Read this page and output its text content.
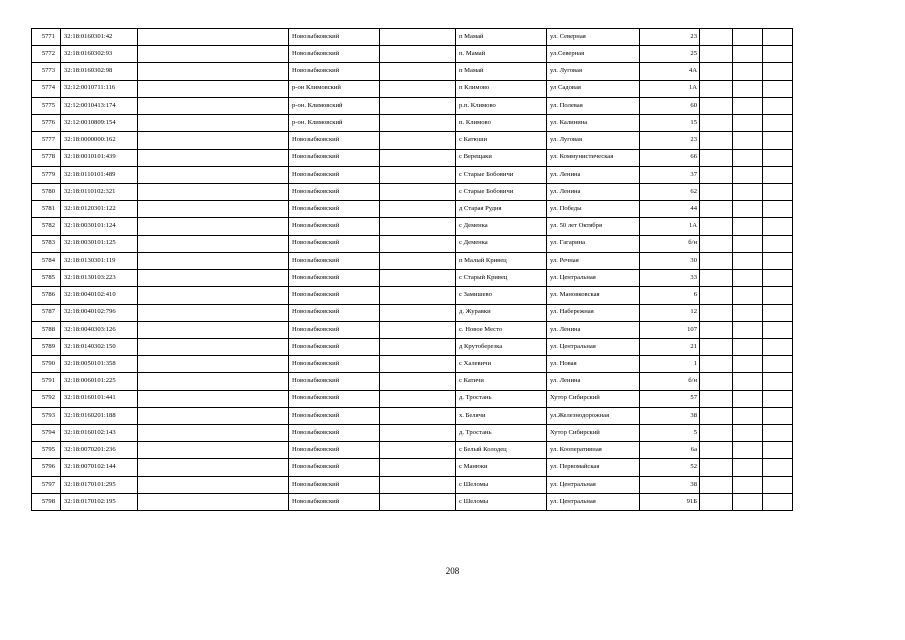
5771	32:18:0160301:42		Новозыбковский		п Мамай	ул. Северная	23			
5772	32:18:0160302:93		Новозыбковский		п. Мамай	ул.Северная	25			
5773	32:18:0160302:98		Новозыбковский		п Мамай	ул. Луговая	4А			
5774	32:12:0010711:116		р-он Климовский		п Климово	ул Садовая	1А			
5775	32:12:0010413:174		р-он. Климовский		р.п. Климово	ул. Полевая	60			
5776	32:12:0010809:154		р-он. Климовский		п. Климово	ул. Калинина	15			
5777	32:18:0000000:162		Новозыбковский		с Катюши	ул. Луговая	23			
5778	32:18:0010101:439		Новозыбковский		с Верещаки	ул. Коммунистическая	66			
5779	32:18:0110101:489		Новозыбковский		с Старые Бобовичи	ул. Ленина	37			
5780	32:18:0110102:321		Новозыбковский		с Старые Бобовичи	ул. Ленина	62			
5781	32:18:0120301:122		Новозыбковский		д Старая Рудня	ул. Победы	44			
5782	32:18:0030101:124		Новозыбковский		с Деменка	ул. 50 лет Октября	1А			
5783	32:18:0030101:125		Новозыбковский		с Деменка	ул. Гагарина	б/н			
5784	32:18:0130301:119		Новозыбковский		п Малый Кривец	ул. Речная	30			
5785	32:18:0130103:223		Новозыбковский		с Старый Кривец	ул. Центральная	33			
5786	32:18:0040102:410		Новозыбковский		с Замишево	ул. Мановковская	6			
5787	32:18:0040102:796		Новозыбковский		д. Журавки	ул. Набережная	12			
5788	32:18:0040303:126		Новозыбковский		с. Новое Место	ул. Ленина	107			
5789	32:18:0140302:150		Новозыбковский		д Крутоберезка	ул. Центральная	21			
5790	32:18:0050101:358		Новозыбковский		с Халевичи	ул. Новая	1			
5791	32:18:0060101:225		Новозыбковский		с Катичи	ул. Ленина	б/н			
5792	32:18:0160101:441		Новозыбковский		д. Тростань	Хутор Сибирский	57			
5793	32:18:0160201:188		Новозыбковский		х. Белячи	ул.Железнодорожная	38			
5794	32:18:0160102:143		Новозыбковский		д. Тростань	Хутор Сибирский	5			
5795	32:18:0070201:236		Новозыбковский		с Белый Колодец	ул. Кооперативная	6а			
5796	32:18:0070102:144		Новозыбковский		с Манюки	ул. Первомайская	52			
5797	32:18:0170101:295		Новозыбковский		с Шеломы	ул. Центральная	38			
5798	32:18:0170102:195		Новозыбковский		с Шеломы	ул. Центральная	91Б			
208
